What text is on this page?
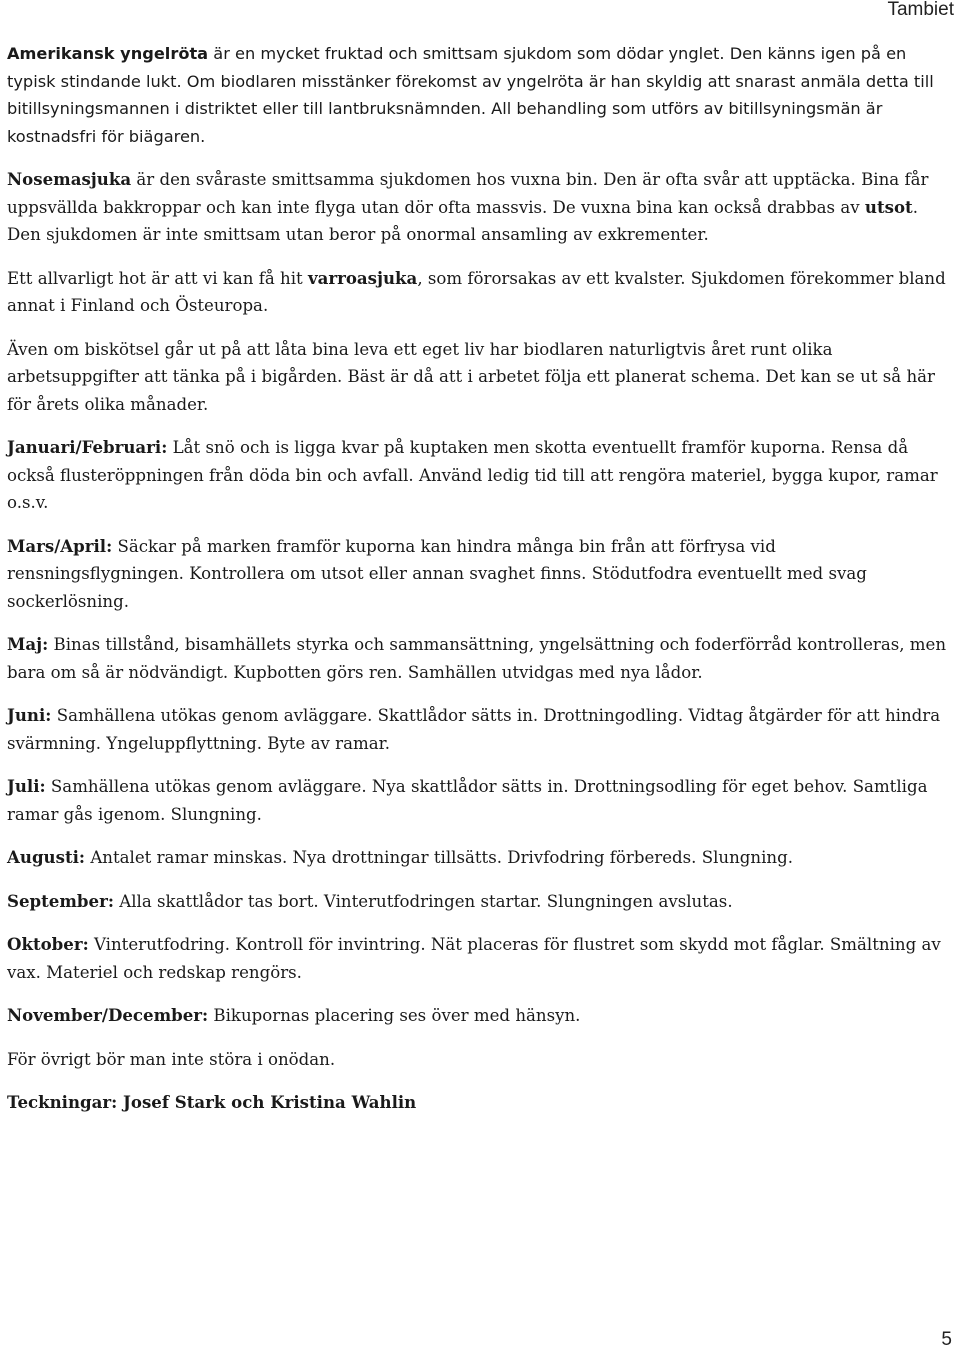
Tambiet

Amerikansk yngelröta är en mycket fruktad och smittsam sjukdom som dödar ynglet. Den känns igen på en typisk stindande lukt. Om biodlaren misstänker förekomst av yngelröta är han skyldig att snarast anmäla detta till bitillsyningsmannen i distriktet eller till lantbruksnämnden. All behandling som utförs av bitillsyningsmän är kostnadsfri för biägaren.

Nosemasjuka är den svåraste smittsamma sjukdomen hos vuxna bin. Den är ofta svår att upptäcka. Bina får uppsvällda bakkroppar och kan inte flyga utan dör ofta massvis. De vuxna bina kan också drabbas av utsot. Den sjukdomen är inte smittsam utan beror på onormal ansamling av exkrementer.

Ett allvarligt hot är att vi kan få hit varroasjuka, som förorsakas av ett kvalster. Sjukdomen förekommer bland annat i Finland och Östeuropa.

Även om biskötsel går ut på att låta bina leva ett eget liv har biodlaren naturligtvis året runt olika arbetsuppgifter att tänka på i bigården. Bäst är då att i arbetet följa ett planerat schema. Det kan se ut så här för årets olika månader.

Januari/Februari: Låt snö och is ligga kvar på kuptaken men skotta eventuellt framför kuporna. Rensa då också flusteröppningen från döda bin och avfall. Använd ledig tid till att rengöra materiel, bygga kupor, ramar o.s.v.

Mars/April: Säckar på marken framför kuporna kan hindra många bin från att förfrysa vid rensningsflygningen. Kontrollera om utsot eller annan svaghet finns. Stödutfodra eventuellt med svag sockerlösning.

Maj: Binas tillstånd, bisamhällets styrka och sammansättning, yngelsättning och foderförråd kontrolleras, men bara om så är nödvändigt. Kupbotten görs ren. Samhällen utvidgas med nya lådor.

Juni: Samhällena utökas genom avläggare. Skattlådor sätts in. Drottningodling. Vidtag åtgärder för att hindra svärmning. Yngeluppflyttning. Byte av ramar.

Juli: Samhällena utökas genom avläggare. Nya skattlådor sätts in. Drottningsodling för eget behov. Samtliga ramar gås igenom. Slungning.

Augusti: Antalet ramar minskas. Nya drottningar tillsätts. Drivfodring förbereds. Slungning.

September: Alla skattlådor tas bort. Vinterutfodringen startar. Slungningen avslutas.

Oktober: Vinterutfodring. Kontroll för invintring. Nät placeras för flustret som skydd mot fåglar. Smältning av vax. Materiel och redskap rengörs.

November/December: Bikupornas placering ses över med hänsyn.

För övrigt bör man inte störa i onödan.

Teckningar: Josef Stark och Kristina Wahlin

5
